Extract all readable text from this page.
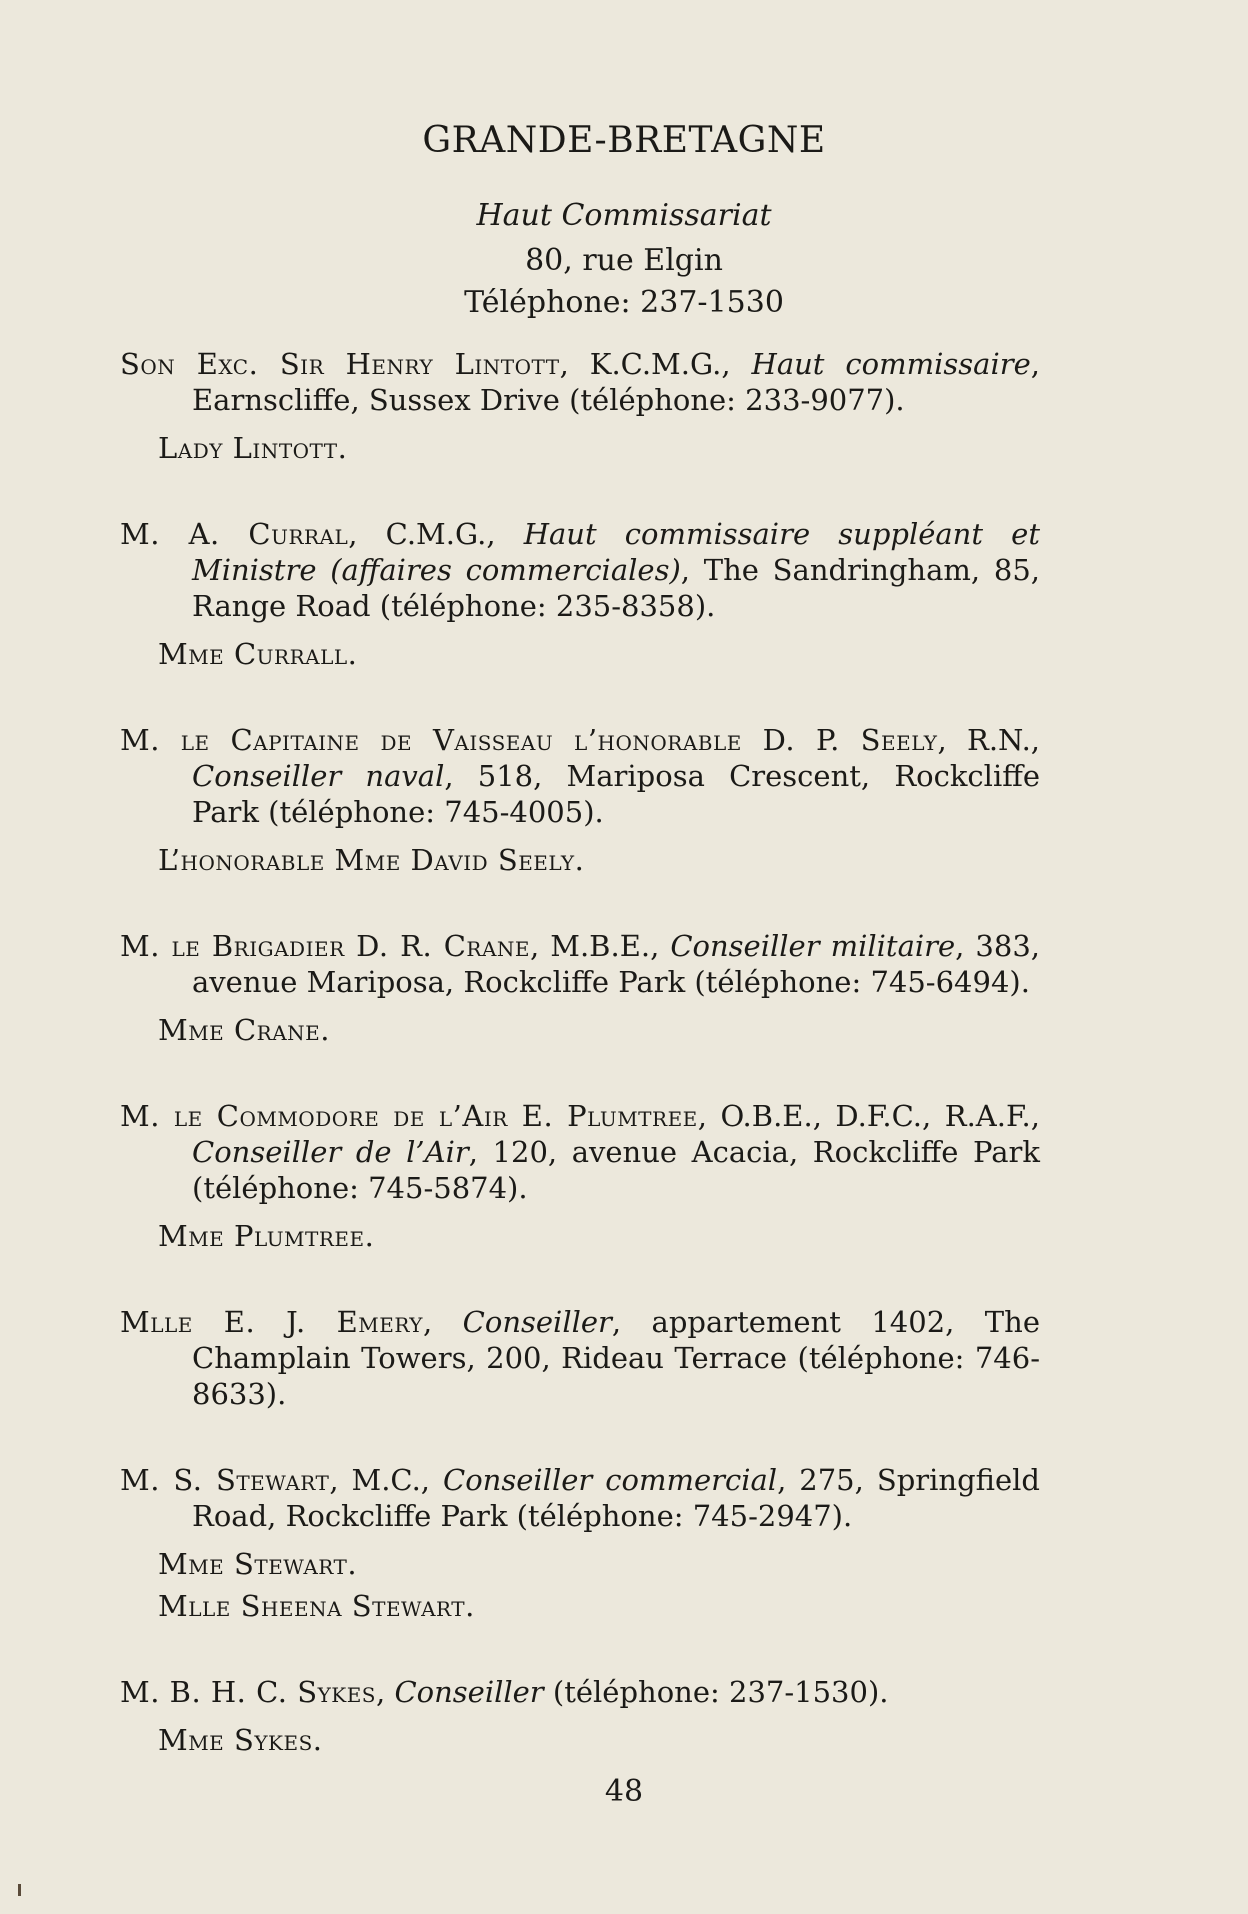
GRANDE-BRETAGNE
Haut Commissariat
80, rue Elgin
Téléphone: 237-1530

Son Exc. Sir Henry Lintott, K.C.M.G., Haut commissaire, Earnscliffe, Sussex Drive (téléphone: 233-9077).

Lady Lintott.

M. A. Curral, C.M.G., Haut commissaire suppléant et Ministre (affaires commerciales), The Sandringham, 85, Range Road (téléphone: 235-8358).

Mme Currall.

M. le Capitaine de Vaisseau l’honorable D. P. Seely, R.N., Conseiller naval, 518, Mariposa Crescent, Rockcliffe Park (téléphone: 745-4005).

L’honorable Mme David Seely.

M. le Brigadier D. R. Crane, M.B.E., Conseiller militaire, 383, avenue Mariposa, Rockcliffe Park (téléphone: 745-6494).

Mme Crane.

M. le Commodore de l’Air E. Plumtree, O.B.E., D.F.C., R.A.F., Conseiller de l’Air, 120, avenue Acacia, Rockcliffe Park (téléphone: 745-5874).

Mme Plumtree.

Mlle E. J. Emery, Conseiller, appartement 1402, The Champlain Towers, 200, Rideau Terrace (téléphone: 746-8633).

M. S. Stewart, M.C., Conseiller commercial, 275, Springfield Road, Rockcliffe Park (téléphone: 745-2947).

Mme Stewart.

Mlle Sheena Stewart.

M. B. H. C. Sykes, Conseiller (téléphone: 237-1530).

Mme Sykes.

48
